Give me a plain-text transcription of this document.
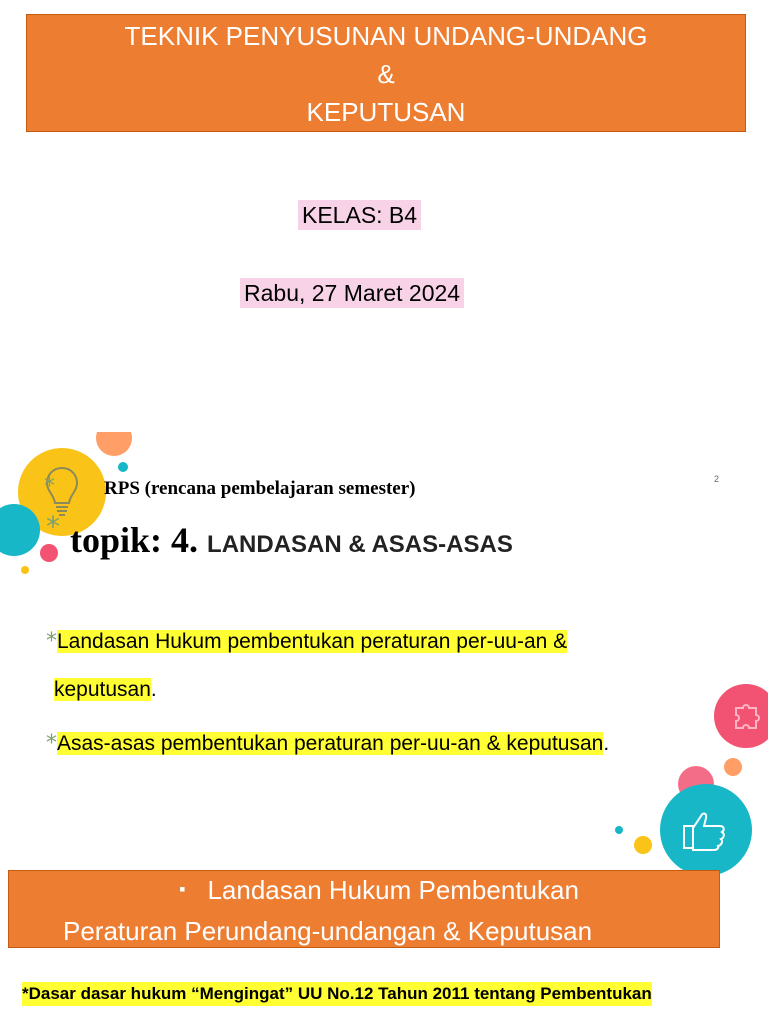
TEKNIK PENYUSUNAN UNDANG-UNDANG
&
KEPUTUSAN
KELAS: B4
Rabu, 27 Maret 2024
RPS (rencana pembelajaran semester)	2
*
* topik: 4. LANDASAN & ASAS-ASAS
*Landasan Hukum pembentukan peraturan per-uu-an &
keputusan.
*Asas-asas pembentukan peraturan per-uu-an & keputusan.
▪ Landasan Hukum Pembentukan
Peraturan Perundang-undangan & Keputusan
*Dasar dasar hukum “Mengingat” UU No.12 Tahun 2011 tentang Pembentukan
